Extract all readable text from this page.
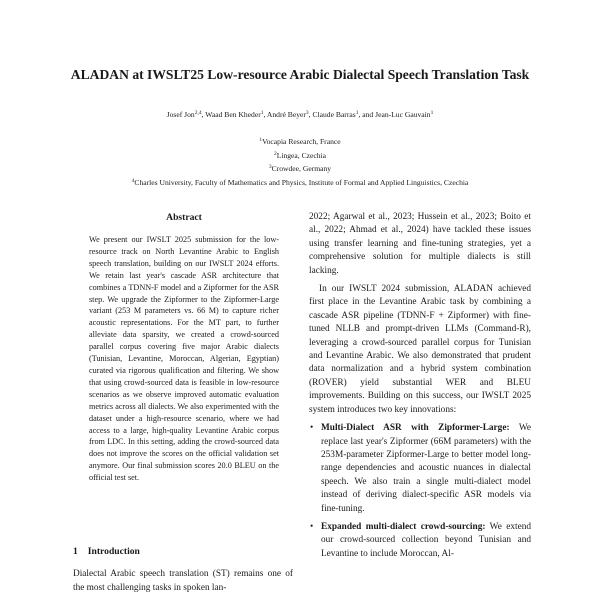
ALADAN at IWSLT25 Low-resource Arabic Dialectal Speech Translation Task
Josef Jon$^{2,4}$, Waad Ben Kheder$^1$, André Beyer$^3$, Claude Barras$^1$, and Jean-Luc Gauvain$^1$
$^1$Vocapia Research, France
$^2$Lingea, Czechia
$^3$Crowdee, Germany
$^4$Charles University, Faculty of Mathematics and Physics, Institute of Formal and Applied Linguistics, Czechia
Abstract
We present our IWSLT 2025 submission for the low-resource track on North Levantine Arabic to English speech translation, building on our IWSLT 2024 efforts. We retain last year's cascade ASR architecture that combines a TDNN-F model and a Zipformer for the ASR step. We upgrade the Zipformer to the Zipformer-Large variant (253 M parameters vs. 66 M) to capture richer acoustic representations. For the MT part, to further alleviate data sparsity, we created a crowd-sourced parallel corpus covering five major Arabic dialects (Tunisian, Levantine, Moroccan, Algerian, Egyptian) curated via rigorous qualification and filtering. We show that using crowd-sourced data is feasible in low-resource scenarios as we observe improved automatic evaluation metrics across all dialects. We also experimented with the dataset under a high-resource scenario, where we had access to a large, high-quality Levantine Arabic corpus from LDC. In this setting, adding the crowd-sourced data does not improve the scores on the official validation set anymore. Our final submission scores 20.0 BLEU on the official test set.
1 Introduction
Dialectal Arabic speech translation (ST) remains one of the most challenging tasks in spoken lan-

2022; Agarwal et al., 2023; Hussein et al., 2023; Boito et al., 2022; Ahmad et al., 2024) have tackled these issues using transfer learning and fine-tuning strategies, yet a comprehensive solution for multiple dialects is still lacking.

In our IWSLT 2024 submission, ALADAN achieved first place in the Levantine Arabic task by combining a cascade ASR pipeline (TDNN-F + Zipformer) with fine-tuned NLLB and prompt-driven LLMs (Command-R), leveraging a crowd-sourced parallel corpus for Tunisian and Levantine Arabic. We also demonstrated that prudent data normalization and a hybrid system combination (ROVER) yield substantial WER and BLEU improvements. Building on this success, our IWSLT 2025 system introduces two key innovations:

• Multi-Dialect ASR with Zipformer-Large: We replace last year's Zipformer (66M parameters) with the 253M-parameter Zipformer-Large to better model long-range dependencies and acoustic nuances in dialectal speech. We also train a single multi-dialect model instead of deriving dialect-specific ASR models via fine-tuning.
• Expanded multi-dialect crowd-sourcing: We extend our crowd-sourced collection beyond Tunisian and Levantine to include Moroccan, Al-
